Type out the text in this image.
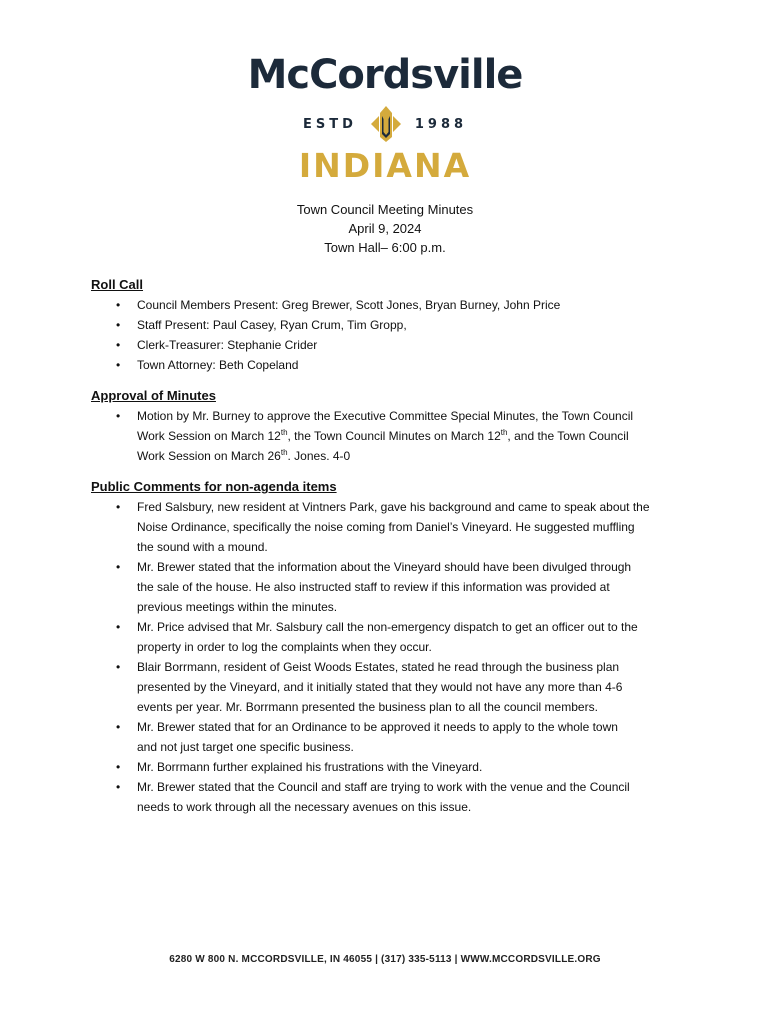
McCordsville
ESTD	1988
INDIANA
Town Council Meeting Minutes
April 9, 2024
Town Hall– 6:00 p.m.
Roll Call
• Council Members Present: Greg Brewer, Scott Jones, Bryan Burney, John Price
• Staff Present: Paul Casey, Ryan Crum, Tim Gropp,
• Clerk-Treasurer: Stephanie Crider
• Town Attorney: Beth Copeland
Approval of Minutes
• Motion by Mr. Burney to approve the Executive Committee Special Minutes, the Town Council
Work Session on March 12th, the Town Council Minutes on March 12th, and the Town Council
Work Session on March 26th. Jones. 4-0
Public Comments for non-agenda items
• Fred Salsbury, new resident at Vintners Park, gave his background and came to speak about the
Noise Ordinance, specifically the noise coming from Daniel’s Vineyard. He suggested muffling
the sound with a mound.
• Mr. Brewer stated that the information about the Vineyard should have been divulged through
the sale of the house. He also instructed staff to review if this information was provided at
previous meetings within the minutes.
• Mr. Price advised that Mr. Salsbury call the non-emergency dispatch to get an officer out to the
property in order to log the complaints when they occur.
• Blair Borrmann, resident of Geist Woods Estates, stated he read through the business plan
presented by the Vineyard, and it initially stated that they would not have any more than 4-6
events per year. Mr. Borrmann presented the business plan to all the council members.
• Mr. Brewer stated that for an Ordinance to be approved it needs to apply to the whole town
and not just target one specific business.
• Mr. Borrmann further explained his frustrations with the Vineyard.
• Mr. Brewer stated that the Council and staff are trying to work with the venue and the Council
needs to work through all the necessary avenues on this issue.
6280 W 800 N. MCCORDSVILLE, IN 46055 | (317) 335-5113 | WWW.MCCORDSVILLE.ORG
